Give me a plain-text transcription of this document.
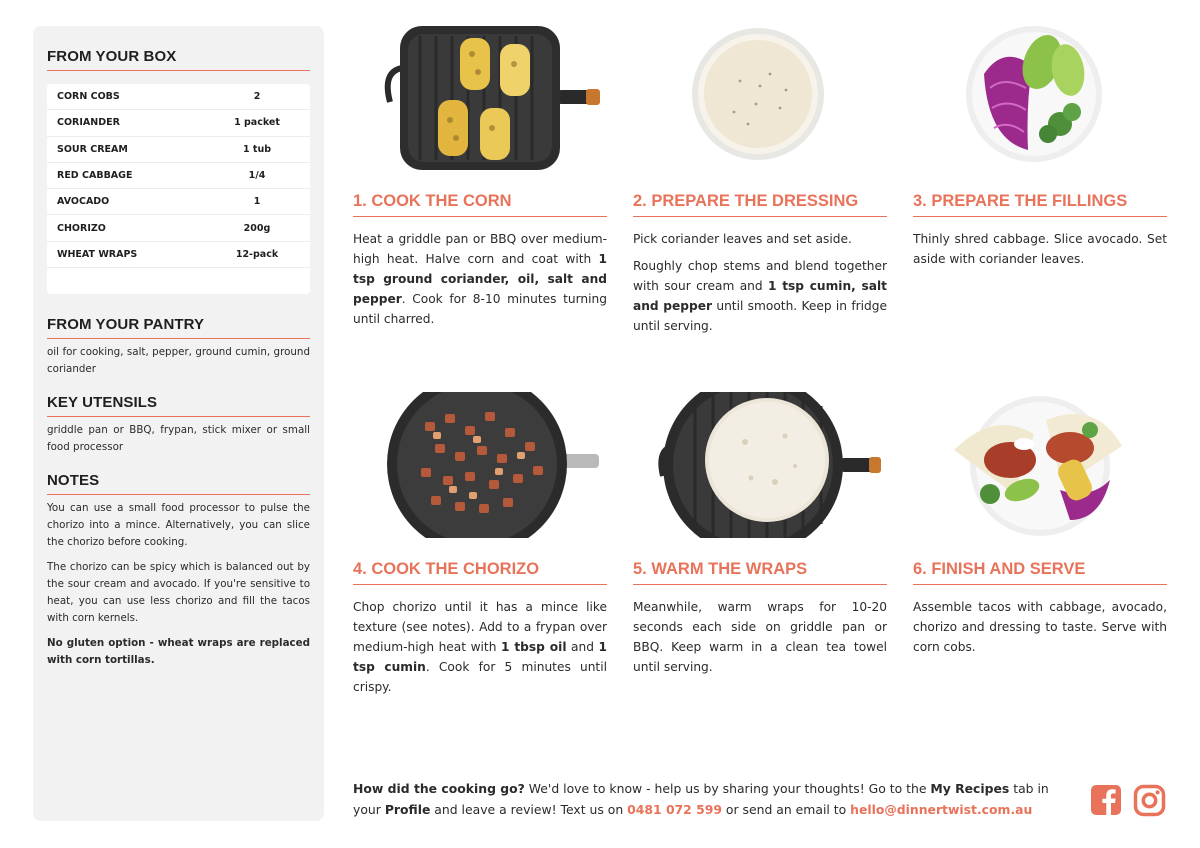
FROM YOUR BOX
CORN COBS	2
CORIANDER	1 packet
SOUR CREAM	1 tub
RED CABBAGE	1/4
AVOCADO	1
CHORIZO	200g
WHEAT WRAPS	12-pack
FROM YOUR PANTRY

oil for cooking, salt, pepper, ground cumin, ground coriander

KEY UTENSILS

griddle pan or BBQ, frypan, stick mixer or small food processor

NOTES

You can use a small food processor to pulse the chorizo into a mince. Alternatively, you can slice the chorizo before cooking.

The chorizo can be spicy which is balanced out by the sour cream and avocado. If you're sensitive to heat, you can use less chorizo and fill the tacos with corn kernels.

No gluten option - wheat wraps are replaced with corn tortillas.

1. COOK THE CORN

Heat a griddle pan or BBQ over medium-high heat. Halve corn and coat with 1 tsp ground coriander, oil, salt and pepper. Cook for 8-10 minutes turning until charred.

2. PREPARE THE DRESSING

Pick coriander leaves and set aside.

Roughly chop stems and blend together with sour cream and 1 tsp cumin, salt and pepper until smooth. Keep in fridge until serving.

3. PREPARE THE FILLINGS

Thinly shred cabbage. Slice avocado. Set aside with coriander leaves.

4. COOK THE CHORIZO

Chop chorizo until it has a mince like texture (see notes). Add to a frypan over medium-high heat with 1 tbsp oil and 1 tsp cumin. Cook for 5 minutes until crispy.

5. WARM THE WRAPS

Meanwhile, warm wraps for 10-20 seconds each side on griddle pan or BBQ. Keep warm in a clean tea towel until serving.

6. FINISH AND SERVE

Assemble tacos with cabbage, avocado, chorizo and dressing to taste. Serve with corn cobs.

How did the cooking go? We'd love to know - help us by sharing your thoughts! Go to the My Recipes tab in your Profile and leave a review! Text us on 0481 072 599 or send an email to hello@dinnertwist.com.au
